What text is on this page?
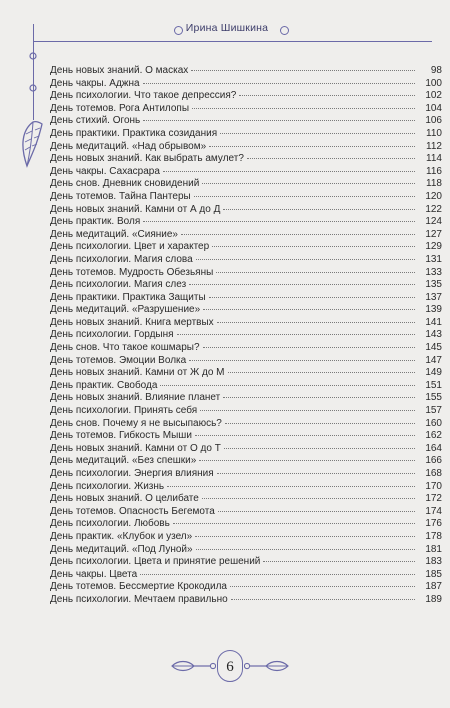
Ирина Шишкина
День новых знаний. О масках	98
День чакры. Аджна	100
День психологии. Что такое депрессия?	102
День тотемов. Рога Антилопы	104
День стихий. Огонь	106
День практики. Практика созидания	110
День медитаций. «Над обрывом»	112
День новых знаний. Как выбрать амулет?	114
День чакры. Сахасрара	116
День снов. Дневник сновидений	118
День тотемов. Тайна Пантеры	120
День новых знаний. Камни от А до Д	122
День практик. Воля	124
День медитаций. «Сияние»	127
День психологии. Цвет и характер	129
День психологии. Магия слова	131
День тотемов. Мудрость Обезьяны	133
День психологии. Магия слез	135
День практики. Практика Защиты	137
День медитаций. «Разрушение»	139
День новых знаний. Книга мертвых	141
День психологии. Гордыня	143
День снов. Что такое кошмары?	145
День тотемов. Эмоции Волка	147
День новых знаний. Камни от Ж до М	149
День практик. Свобода	151
День новых знаний. Влияние планет	155
День психологии. Принять себя	157
День снов. Почему я не высыпаюсь?	160
День тотемов. Гибкость Мыши	162
День новых знаний. Камни от О до Т	164
День медитаций. «Без спешки»	166
День психологии. Энергия влияния	168
День психологии. Жизнь	170
День новых знаний. О целибате	172
День тотемов. Опасность Бегемота	174
День психологии. Любовь	176
День практик. «Клубок и узел»	178
День медитаций. «Под Луной»	181
День психологии. Цвета и принятие решений	183
День чакры. Цвета	185
День тотемов. Бессмертие Крокодила	187
День психологии. Мечтаем правильно	189
6
